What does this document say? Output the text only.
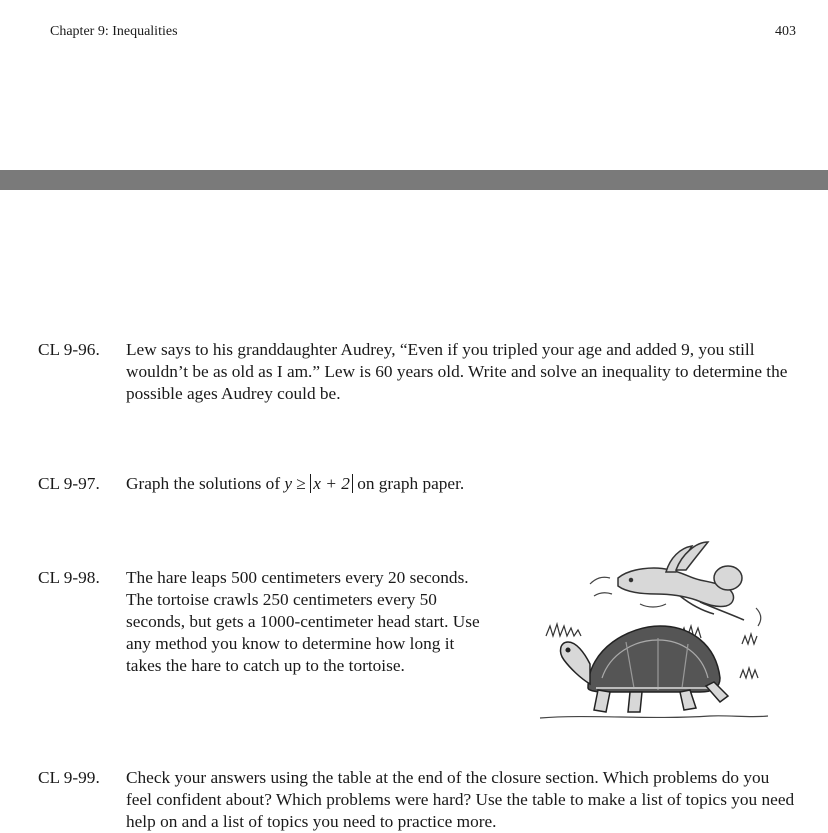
Chapter 9: Inequalities	403
CL 9-96. Lew says to his granddaughter Audrey, “Even if you tripled your age and added 9, you still wouldn’t be as old as I am.” Lew is 60 years old. Write and solve an inequality to determine the possible ages Audrey could be.
CL 9-97. Graph the solutions of y ≥ x + 2 on graph paper.
CL 9-98. The hare leaps 500 centimeters every 20 seconds. The tortoise crawls 250 centimeters every 50 seconds, but gets a 1000-centimeter head start. Use any method you know to determine how long it takes the hare to catch up to the tortoise.
CL 9-99. Check your answers using the table at the end of the closure section. Which problems do you feel confident about? Which problems were hard? Use the table to make a list of topics you need help on and a list of topics you need to practice more.
